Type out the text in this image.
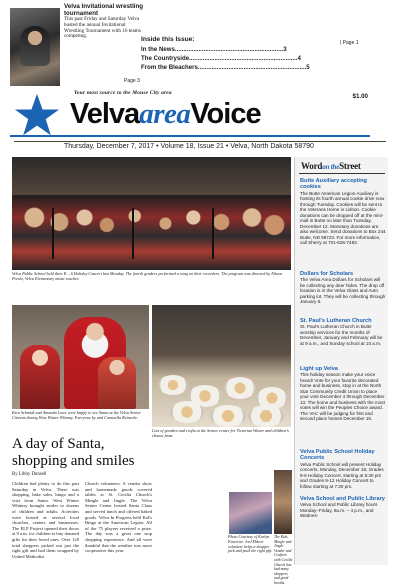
Velva Invitational wrestling tournament
This past Friday and Saturday Velva hosted the annual Invitational Wrestling Tournament with 16 teams competing.
Page 3
Inside this Issue:
In the News ................................................................ 3
The Countryside ................................................................ 4
From the Bleachers ................................................................ 5
| Page 1
Your most source to the Mouse City area	$1.00
VelvaareaVoice
Thursday, December 7, 2017 • Volume 18, Issue 21 • Velva, North Dakota 58790
Velva Public School held their K – 6 Holiday Concert last Monday. The fourth graders performed a song on their recorders. The program was directed by Alison Preslo, Velva Elementary music teacher.
Ezra Schmidt and Amanda Lowe were happy to see Santa at the Velva Senior Citizens during West Winter Whimsy. Everyone by and Comstella Reinecke.
Lots of goodies and crafts at the Senior center for Victorian Winter and children's choose from.
A day of Santa, shopping and smiles
By Libby Dunsell
Children had plenty to do this past Saturday in Velva. There was shopping, bake sales, bingo and a visit from Santa. West Winter Whimsy brought smiles to dozens of children and adults. Activities were hosted at several local churches, centers and businesses. The ELF Project opened their doors at 9 a.m. for children to buy donated gifts for their loved ones. Over 120 total shoppers picked out just the right gift and had them wrapped by United Methodist
Church volunteers. A vendor show and homemade goods covered tables at St. Cecilia Church's Mingle and Jingle. The Velva Senior Center hosted Santa Claus and served lunch and offered baked goods. Velva In Progress held Kid's Bingo at the American Legion. All of the 75 players received a prize. The day was a great one stop shopping experience. And all were thankful that the weather was more cooperative this year.
Photo Courtesy of Karlyn Faseriwe. Joel Ebbert volunteer helps a shopper pick and pack the right gift.
The Kids Mingle and Jingle Vendor and Crafters with Cecilia Church has had many shoppers and good booths.
Wordon theStreet
Butte Auxiliary accepting cookies

The Butte American Legion Auxiliary is hosting its fourth annual cookie drive now through Tuesday. Cookies will be sent to the Veterans Home in Lisbon. Cookie donations can be dropped off at the mini-mall in Butte no later than Tuesday, December 12. Monetary donations are also welcome. Send donations to Box 244 Butte, ND 58723. For more information, call Sherry at 701-626-7483.

Dollars for Scholars

The Velva Area Dollars for Scholars will be collecting any deer hides. The drop off location is in the Velva Glass and Auto parking lot. They will be collecting through January 6.

St. Paul's Lutheran Church

St. Paul's Lutheran Church in Butte worship services for the months of December, January and February will be at 9 a.m., and Sunday school at 10 a.m.

Light up Velva

This holiday season make your voice heard! Vote for your favorite decorated home and business, stop in at the North Star Community Credit Union to place your vote December 4 through December 13. The home and business with the most votes will win the Peoples Choice award. The VAC will be judging for first and second place homes December 15.

Velva Public School Holiday Concerts

Velva Public School will present Holiday concerts, Monday, December 18, Grades 9-6 Holiday Concert, starting at 6:30 pm and Grades 9-12 Holiday Concert to follow starting at 7:30 pm.

Velva School and Public Library

Velva School and Public Library hours Monday–Friday, 8a.m. – 4 p.m., and Wednes-
